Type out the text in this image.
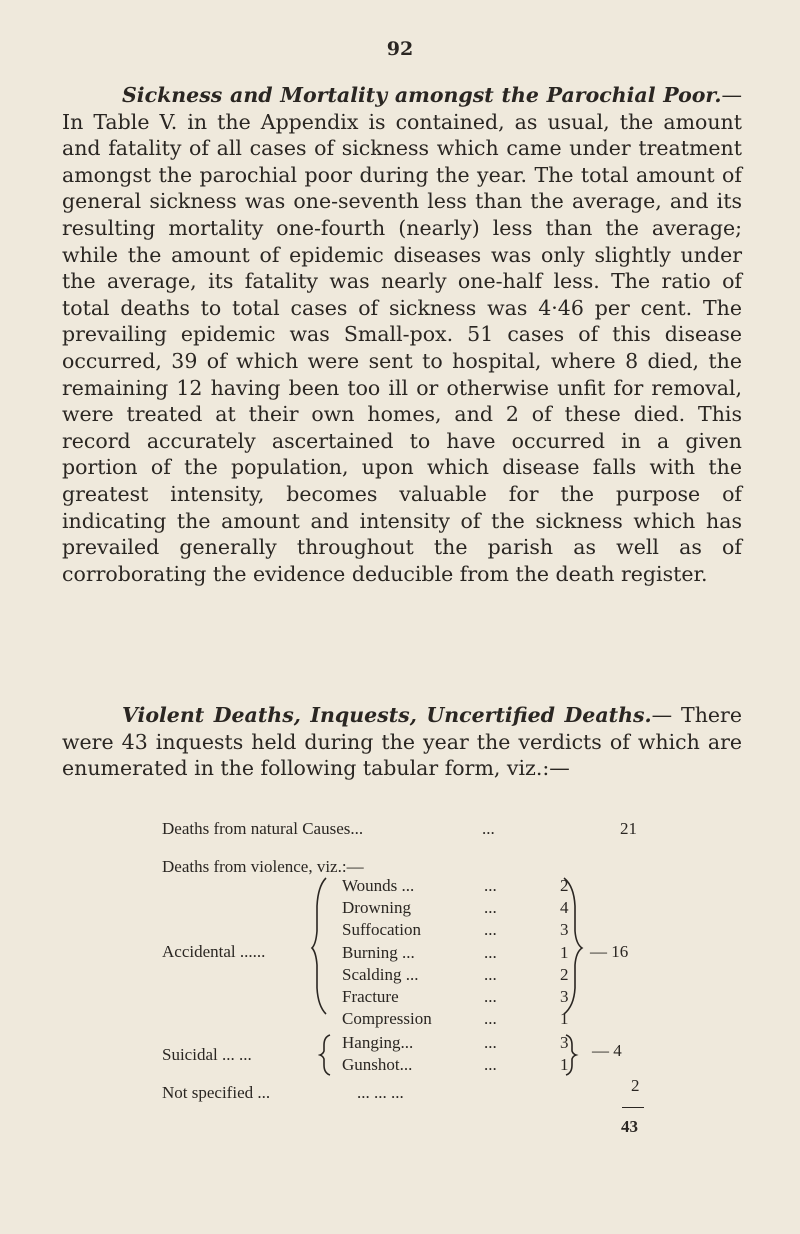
92

Sickness and Mortality amongst the Parochial Poor.—In Table V. in the Appendix is contained, as usual, the amount and fatality of all cases of sickness which came under treatment amongst the parochial poor during the year. The total amount of general sickness was one-seventh less than the average, and its resulting mortality one-fourth (nearly) less than the average; while the amount of epidemic diseases was only slightly under the average, its fatality was nearly one-half less. The ratio of total deaths to total cases of sickness was 4·46 per cent. The prevailing epidemic was Small-pox. 51 cases of this disease occurred, 39 of which were sent to hospital, where 8 died, the remaining 12 having been too ill or otherwise unfit for removal, were treated at their own homes, and 2 of these died. This record accurately ascertained to have occurred in a given portion of the population, upon which disease falls with the greatest intensity, becomes valuable for the purpose of indicating the amount and intensity of the sickness which has prevailed generally throughout the parish as well as of corroborating the evidence deducible from the death register.

Violent Deaths, Inquests, Uncertified Deaths.— There were 43 inquests held during the year the verdicts of which are enumerated in the following tabular form, viz.:—

Deaths from natural Causes...	...	21
Deaths from violence, viz.:—
Accidental ......
Wounds ...	...	2
Drowning	...	4
Suffocation	...	3
Burning ...	...	1
Scalding ...	...	2
Fracture	...	3
Compression	...	1
— 16
Suicidal ... ...
Hanging...	...	3
Gunshot...	...	1
— 4
Not specified ...	... ... ...	2
43
